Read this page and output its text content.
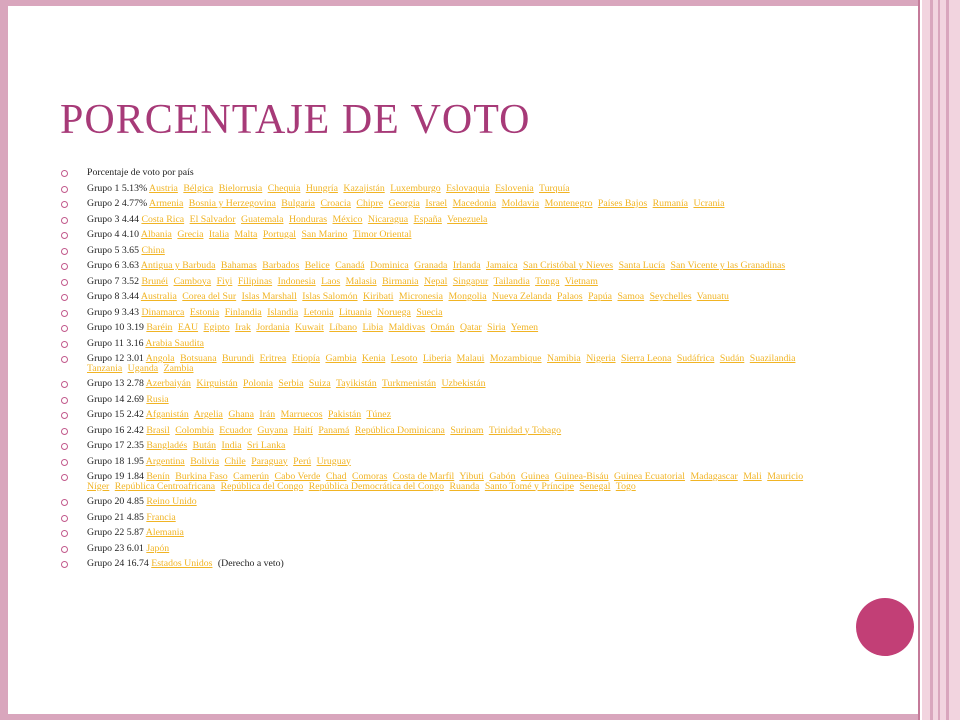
PORCENTAJE DE VOTO
Porcentaje de voto por país
Grupo 1 5.13% Austria Bélgica Bielorrusia Chequia Hungría Kazajistán Luxemburgo Eslovaquia Eslovenia Turquía
Grupo 2 4.77% Armenia Bosnia y Herzegovina Bulgaria Croacia Chipre Georgia Israel Macedonia Moldavia Montenegro Países Bajos Rumanía Ucrania
Grupo 3 4.44 Costa Rica El Salvador Guatemala Honduras México Nicaragua España Venezuela
Grupo 4 4.10 Albania Grecia Italia Malta Portugal San Marino Timor Oriental
Grupo 5 3.65 China
Grupo 6 3.63 Antigua y Barbuda Bahamas Barbados Belice Canadá Dominica Granada Irlanda Jamaica San Cristóbal y Nieves Santa Lucía San Vicente y las Granadinas
Grupo 7 3.52 Brunéi Camboya Fiyi Filipinas Indonesia Laos Malasia Birmania Nepal Singapur Tailandia Tonga Vietnam
Grupo 8 3.44 Australia Corea del Sur Islas Marshall Islas Salomón Kiribati Micronesia Mongolia Nueva Zelanda Palaos Papúa Samoa Seychelles Vanuatu
Grupo 9 3.43 Dinamarca Estonia Finlandia Islandia Letonia Lituania Noruega Suecia
Grupo 10 3.19 Baréin EAU Egipto Irak Jordania Kuwait Líbano Libia Maldivas Omán Qatar Siria Yemen
Grupo 11 3.16 Arabia Saudita
Grupo 12 3.01 Angola Botsuana Burundi Eritrea Etiopía Gambia Kenia Lesoto Liberia Malaui Mozambique Namibia Nigeria Sierra Leona Sudáfrica Sudán Suazilandia Tanzania Uganda Zambia
Grupo 13 2.78 Azerbaiyán Kirguistán Polonia Serbia Suiza Tayikistán Turkmenistán Uzbekistán
Grupo 14 2.69 Rusia
Grupo 15 2.42 Afganistán Argelia Ghana Irán Marruecos Pakistán Túnez
Grupo 16 2.42 Brasil Colombia Ecuador Guyana Haití Panamá República Dominicana Surinam Trinidad y Tobago
Grupo 17 2.35 Bangladés Bután India Sri Lanka
Grupo 18 1.95 Argentina Bolivia Chile Paraguay Perú Uruguay
Grupo 19 1.84 Benín Burkina Faso Camerún Cabo Verde Chad Comoras Costa de Marfil Yibuti Gabón Guinea Guinea-Bisáu Guinea Ecuatorial Madagascar Mali Mauricio Níger República Centroafricana República del Congo República Democrática del Congo Ruanda Santo Tomé y Príncipe Senegal Togo
Grupo 20 4.85 Reino Unido
Grupo 21 4.85 Francia
Grupo 22 5.87 Alemania
Grupo 23 6.01 Japón
Grupo 24 16.74 Estados Unidos (Derecho a veto)
